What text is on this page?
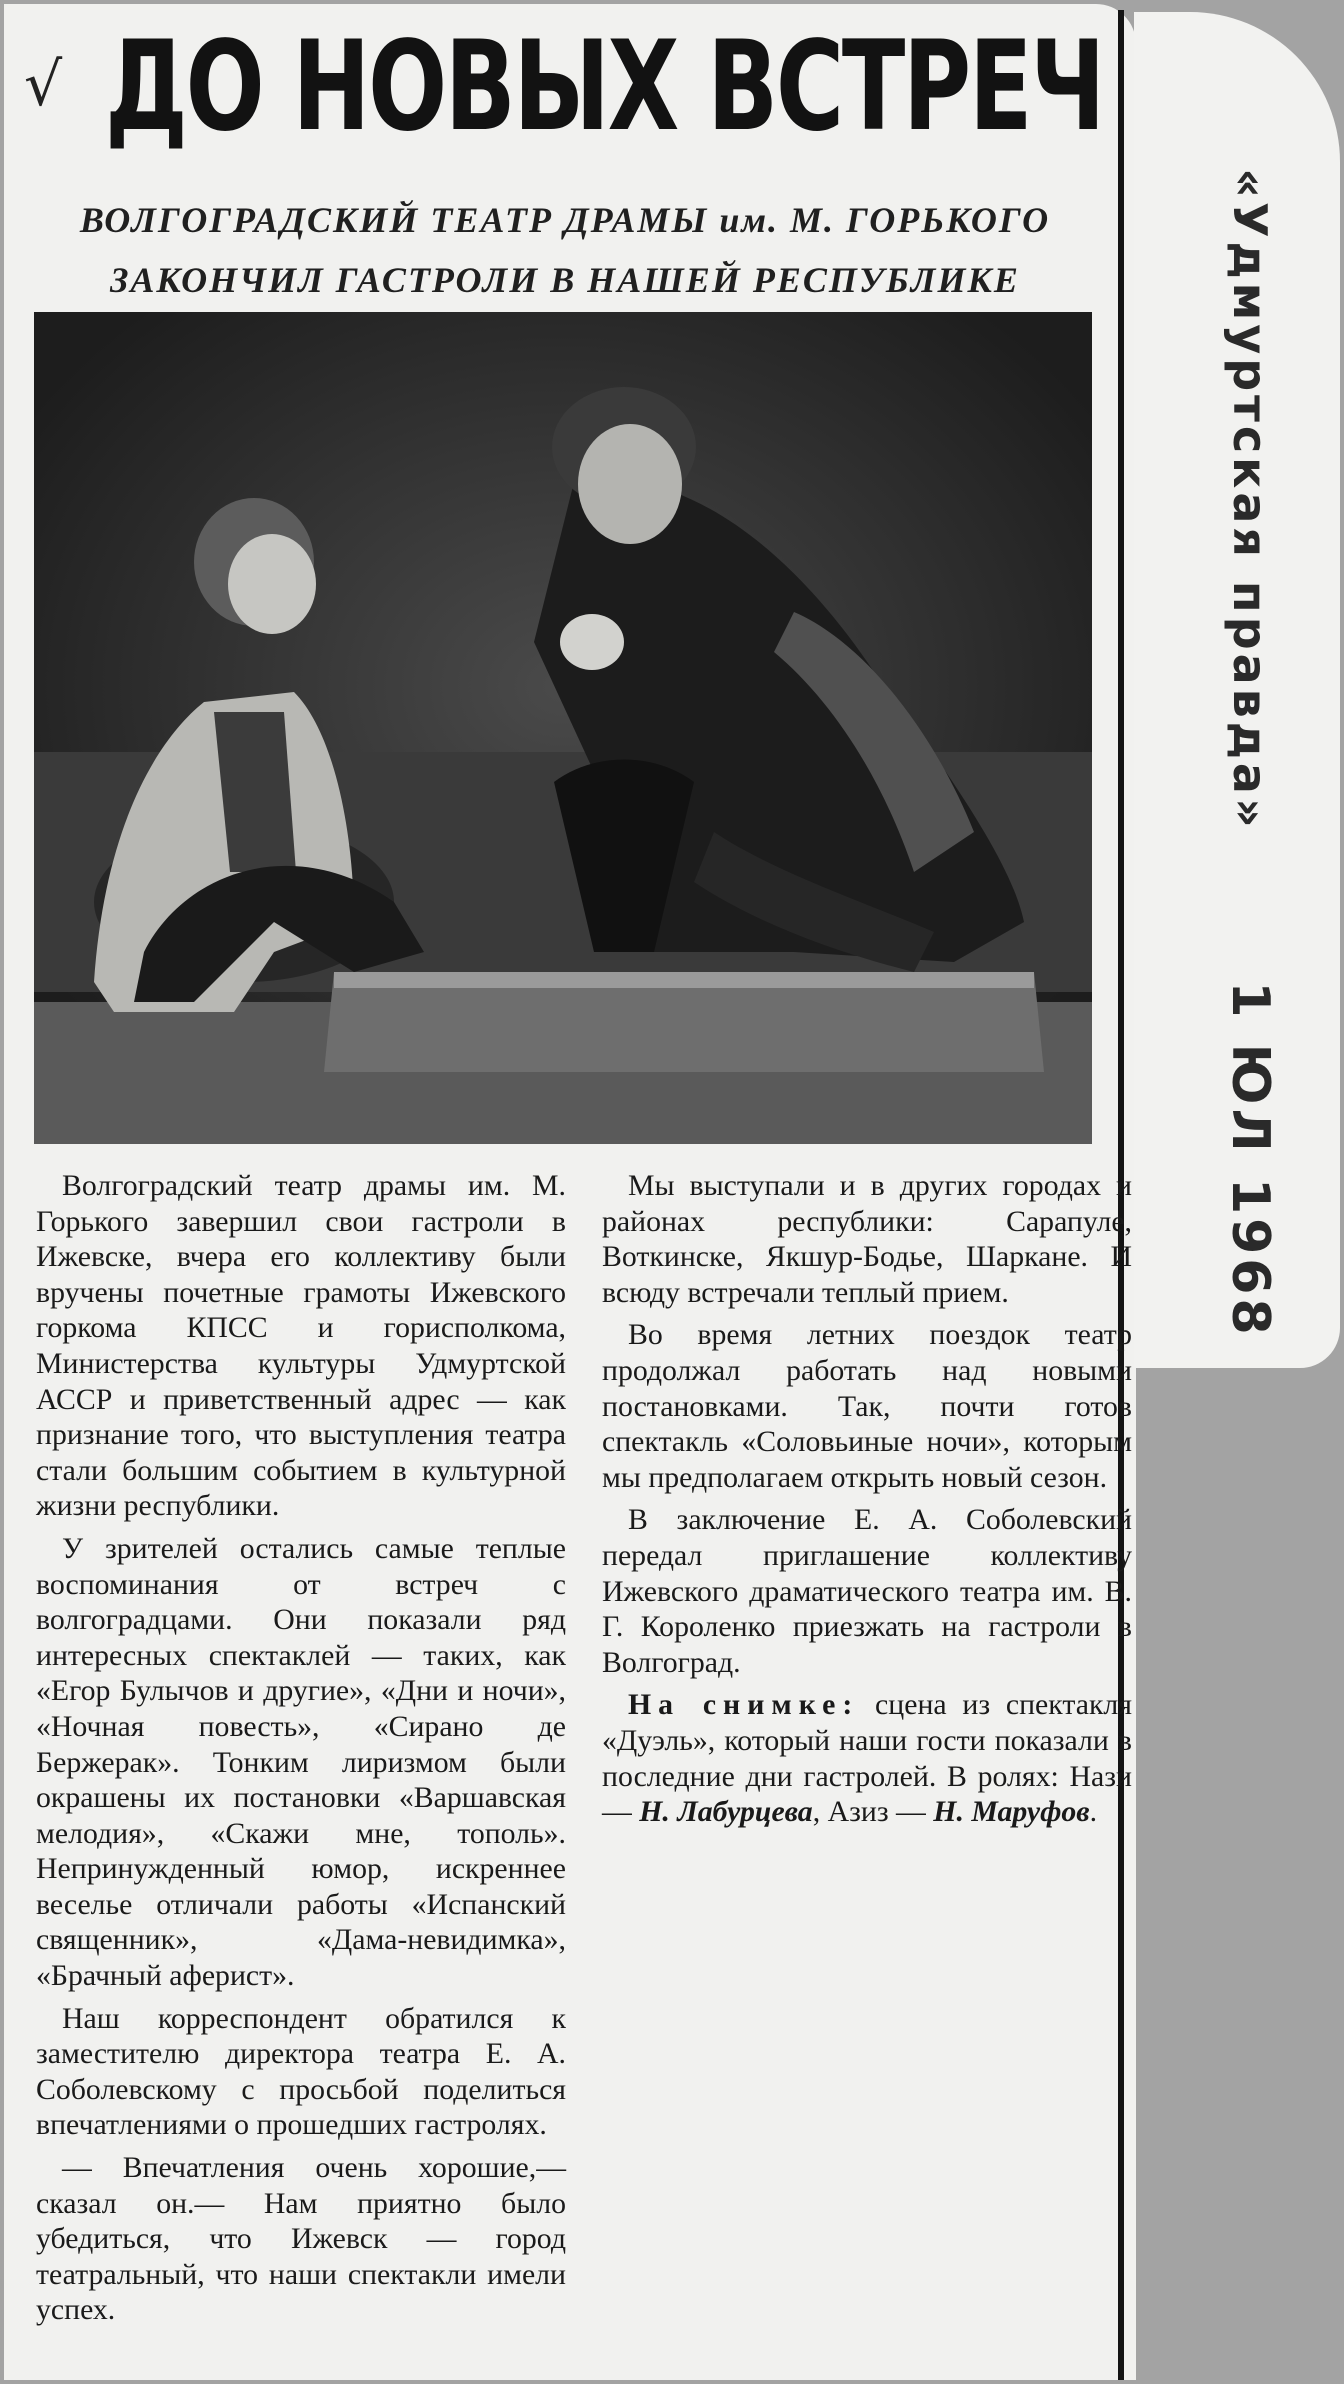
√ ДО НОВЫХ ВСТРЕЧ
ВОЛГОГРАДСКИЙ ТЕАТР ДРАМЫ им. М. ГОРЬКОГО
ЗАКОНЧИЛ ГАСТРОЛИ В НАШЕЙ РЕСПУБЛИКЕ

Волгоградский театр драмы им. М. Горького завершил свои гастроли в Ижевске, вчера его коллективу были вручены почетные грамоты Ижевского горкома КПСС и горисполкома, Министерства культуры Удмуртской АССР и приветственный адрес — как признание того, что выступления театра стали большим событием в культурной жизни республики.

У зрителей остались самые теплые воспоминания от встреч с волгоградцами. Они показали ряд интересных спектаклей — таких, как «Егор Булычов и другие», «Дни и ночи», «Ночная повесть», «Сирано де Бержерак». Тонким лиризмом были окрашены их постановки «Варшавская мелодия», «Скажи мне, тополь». Непринужденный юмор, искреннее веселье отличали работы «Испанский священник», «Дама-невидимка», «Брачный аферист».

Наш корреспондент обратился к заместителю директора театра Е. А. Соболевскому с просьбой поделиться впечатлениями о прошедших гастролях.

— Впечатления очень хорошие,— сказал он.— Нам приятно было убедиться, что Ижевск — город театральный, что наши спектакли имели успех.

Мы выступали и в других городах и районах республики: Сарапуле, Воткинске, Якшур-Бодье, Шаркане. И всюду встречали теплый прием.

Во время летних поездок театр продолжал работать над новыми постановками. Так, почти готов спектакль «Соловьиные ночи», которым мы предполагаем открыть новый сезон.

В заключение Е. А. Соболевский передал приглашение коллективу Ижевского драматического театра им. В. Г. Короленко приезжать на гастроли в Волгоград.

На снимке: сцена из спектакля «Дуэль», который наши гости показали в последние дни гастролей. В ролях: Нази — Н. Лабурцева, Азиз — Н. Маруфов.

«Удмуртская правда»
1 ЮЛ 1968
